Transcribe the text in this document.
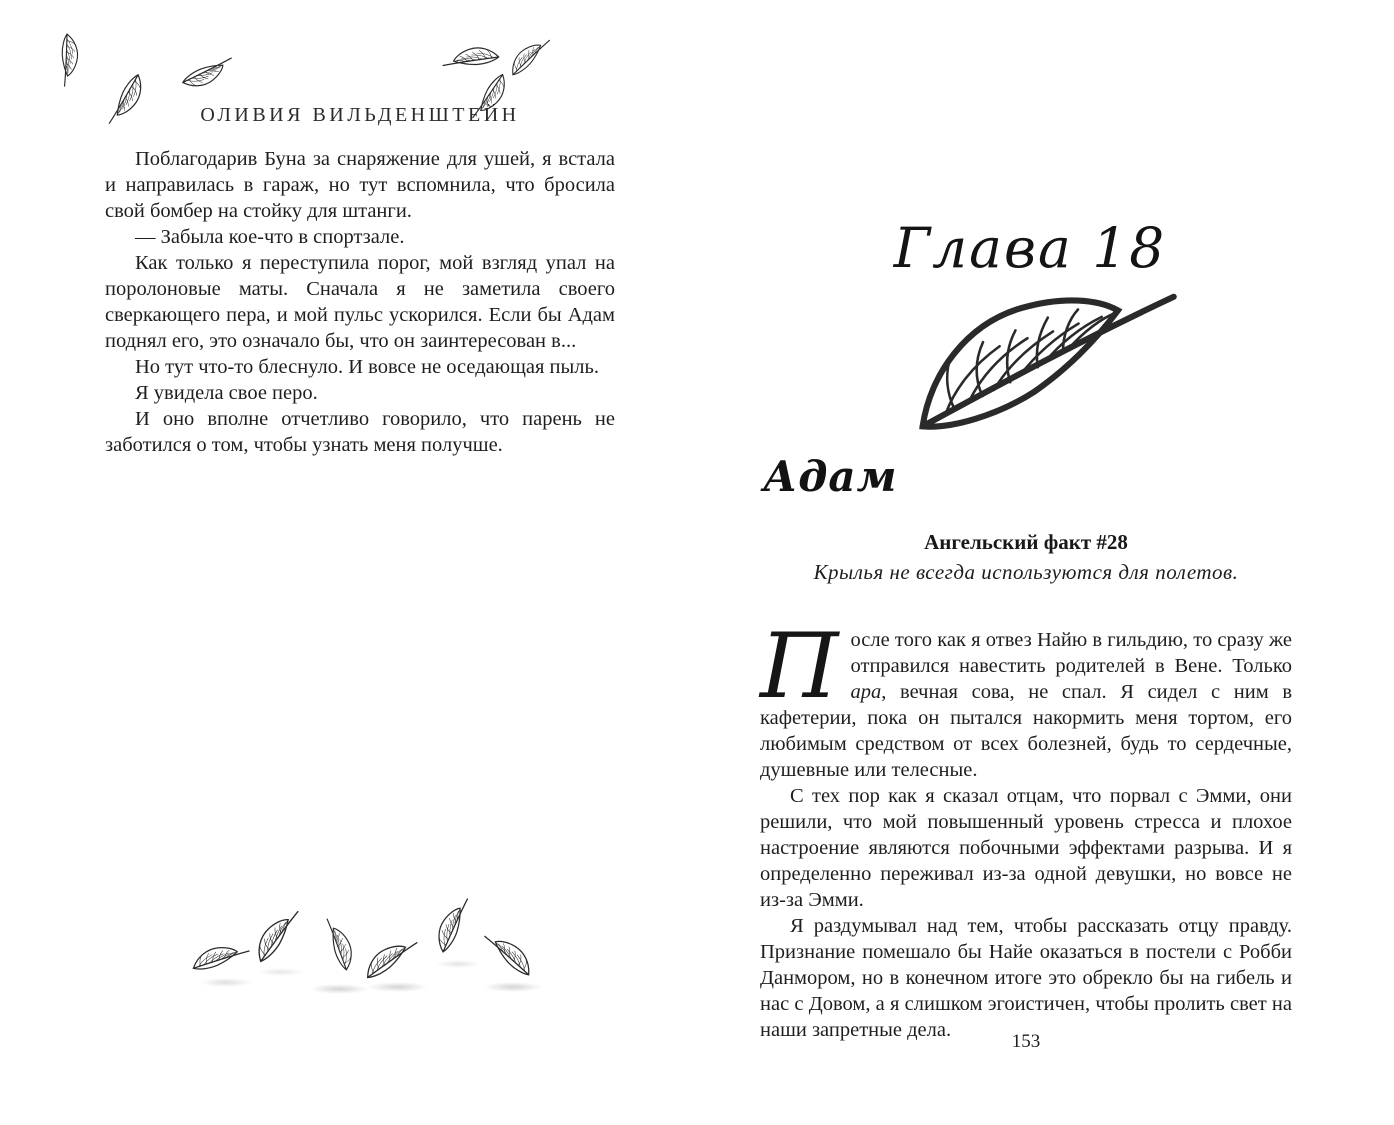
ОЛИВИЯ ВИЛЬДЕНШТЕЙН

Поблагодарив Буна за снаряжение для ушей, я встала и направилась в гараж, но тут вспомнила, что бросила свой бомбер на стойку для штанги.

— Забыла кое-что в спортзале.

Как только я переступила порог, мой взгляд упал на поролоновые маты. Сначала я не заметила своего сверкающего пера, и мой пульс ускорился. Если бы Адам поднял его, это означало бы, что он заинтересован в...

Но тут что-то блеснуло. И вовсе не оседающая пыль.

Я увидела свое перо.

И оно вполне отчетливо говорило, что парень не заботился о том, чтобы узнать меня получше.

Глава 18
Адам
Ангельский факт #28
Крылья не всегда используются для полетов.

После того как я отвез Найю в гильдию, то сразу же отправился навестить родителей в Вене. Только ара, вечная сова, не спал. Я сидел с ним в кафетерии, пока он пытался накормить меня тортом, его любимым средством от всех болезней, будь то сердечные, душевные или телесные.

С тех пор как я сказал отцам, что порвал с Эмми, они решили, что мой повышенный уровень стресса и плохое настроение являются побочными эффектами разрыва. И я определенно переживал из-за одной девушки, но вовсе не из-за Эмми.

Я раздумывал над тем, чтобы рассказать отцу правду. Признание помешало бы Найе оказаться в постели с Робби Данмором, но в конечном итоге это обрекло бы на гибель и нас с Довом, а я слишком эгоистичен, чтобы пролить свет на наши запретные дела.

153
